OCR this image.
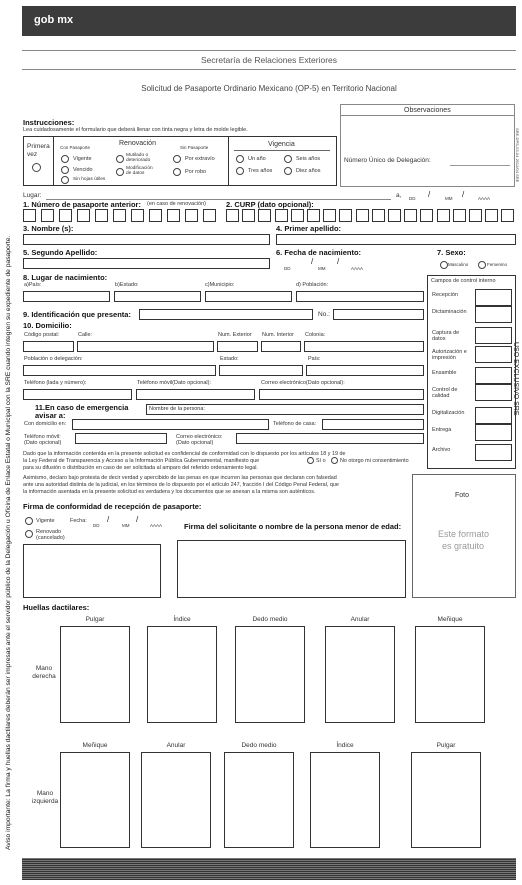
gob mx
Secretaría de Relaciones Exteriores
Solicitud de Pasaporte Ordinario Mexicano (OP-5) en Territorio Nacional
Aviso importante: La firma y huellas dactilares deberán ser impresas ante el servidor público de la Delegación u Oficina de Enlace Estatal o Municipal con la SRE cuando integren su expediente de pasaporte.
SRE-DPS-03-04 2012/04 SRE
Instrucciones:
Lea cuidadosamente el formulario que deberá llenar con tinta negra y letra de molde legible.
Primera vez
Renovación
Con Pasaporte	Sin Pasaporte
Vigente
Vencido
Sin hojas útiles
Mutilado o deteriorado
Modificación de datos
Por extravío
Por robo
Vigencia
Un año
Tres años
Seis años
Diez años
Observaciones
Número Único de Delegación:
Lugar:	a, DD /	MM /	AAAA
1. Número de pasaporte anterior: (en caso de renovación)	2. CURP (dato opcional):
3. Nombre (s):	4. Primer apellido:
5. Segundo Apellido:	6. Fecha de nacimiento:
/	/
DD	MM	AAAA
7. Sexo:
Masculino	Femenino
8. Lugar de nacimiento:
a)País:	b)Estado:	c)Municipio:	d) Población:
9. Identificación que presenta:	No.:
10. Domicilio:
Código postal:	Calle:	Num. Exterior Num. Interior Colonia:
Población o delegación:	Estado:	País:
Teléfono (lada y número):	Teléfono móvil(Dato opcional):	Correo electrónico(Dato opcional):
11.En caso de emergencia avisar a:
Nombre de la persona:
Con domicilio en:	Teléfono de casa:
Teléfono móvil: (Dato opcional)
Correo electrónico: (Dato opcional)
Campos de control interno
Recepción
Dictaminación
Captura de datos
Autorización e impresión
Ensamble
Control de calidad
Digitalización
Entrega
Archivo
USO EXCLUSIVO SRE
Dado que la información contenida en la presente solicitud es confidencial de conformidad con lo dispuesto por los artículos 18 y 19 de
la Ley Federal de Transparencia y Acceso a la Información Pública Gubernamental, manifiesto que	Sí o	No otorgo mi consentimiento
para su difusión o distribución en caso de ser solicitada al amparo del referido ordenamiento legal.
Asimismo, declaro bajo protesta de decir verdad y apercibido de las penas en que incurren las personas que declaran con falsedad
ante una autoridad distinta de la judicial, en los términos de lo dispuesto por el artículo 247, fracción I del Código Penal Federal, que
la información asentada en la presente solicitud es verdadera y los documentos que se anexan a la misma son auténticos.	Foto
Este formato
es gratuito
Firma de conformidad de recepción de pasaporte:
Vigente	Fecha:	/	/
DD	MM	AAAA
Renovado (cancelado)
Firma del solicitante o nombre de la persona menor de edad:
Huellas dactilares:
Pulgar	Índice	Dedo medio	Anular	Meñique
Mano derecha
Meñique	Anular	Dedo medio	Índice	Pulgar
Mano izquierda
